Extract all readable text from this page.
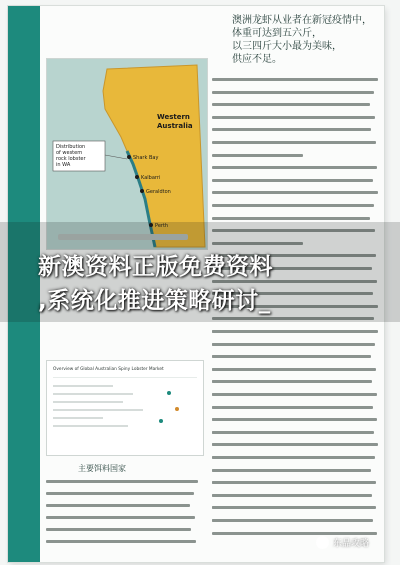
澳洲龙虾从业者在新冠疫情中，
体重可达到五六斤，
以三四斤大小最为美味，
供应不足。
Shark Bay
Kalbarri
Geraldton
Perth
Western
Australia
Distribution
of western
rock lobster
in WA
Overview of Global Australian Spiny Lobster Market
主要饵料国家
新澳资料正版免费资料
,系统化推进策略研讨_
东品攻略
